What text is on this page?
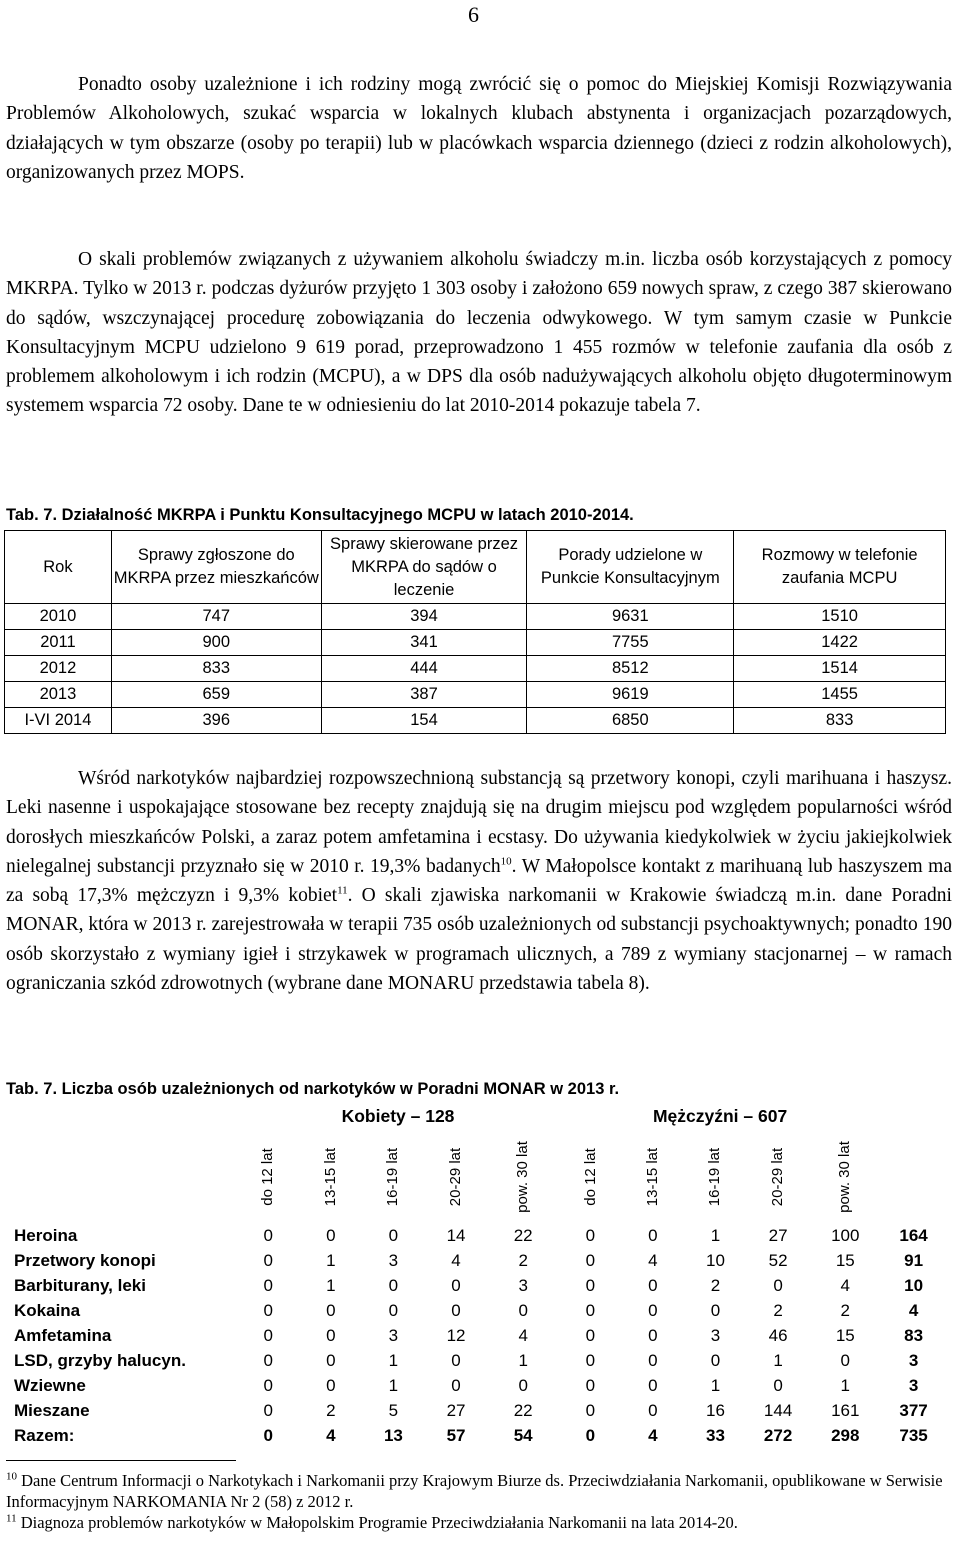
6

Ponadto osoby uzależnione i ich rodziny mogą zwrócić się o pomoc do Miejskiej Komisji Rozwiązywania Problemów Alkoholowych, szukać wsparcia w lokalnych klubach abstynenta i organizacjach pozarządowych, działających w tym obszarze (osoby po terapii) lub w placówkach wsparcia dziennego (dzieci z rodzin alkoholowych), organizowanych przez MOPS.

O skali problemów związanych z używaniem alkoholu świadczy m.in. liczba osób korzystających z pomocy MKRPA. Tylko w 2013 r. podczas dyżurów przyjęto 1 303 osoby i założono 659 nowych spraw, z czego 387 skierowano do sądów, wszczynającej procedurę zobowiązania do leczenia odwykowego. W tym samym czasie w Punkcie Konsultacyjnym MCPU udzielono 9 619 porad, przeprowadzono 1 455 rozmów w telefonie zaufania dla osób z problemem alkoholowym i ich rodzin (MCPU), a w DPS dla osób nadużywających alkoholu objęto długoterminowym systemem wsparcia 72 osoby. Dane te w odniesieniu do lat 2010-2014 pokazuje tabela 7.

Tab. 7. Działalność MKRPA i Punktu Konsultacyjnego MCPU w latach 2010-2014.
Rok	Sprawy zgłoszone do MKRPA przez mieszkańców	Sprawy skierowane przez MKRPA do sądów o leczenie	Porady udzielone w Punkcie Konsultacyjnym	Rozmowy w telefonie zaufania MCPU
2010	747	394	9631	1510
2011	900	341	7755	1422
2012	833	444	8512	1514
2013	659	387	9619	1455
I-VI 2014	396	154	6850	833

Wśród narkotyków najbardziej rozpowszechnioną substancją są przetwory konopi, czyli marihuana i haszysz. Leki nasenne i uspokajające stosowane bez recepty znajdują się na drugim miejscu pod względem popularności wśród dorosłych mieszkańców Polski, a zaraz potem amfetamina i ecstasy. Do używania kiedykolwiek w życiu jakiejkolwiek nielegalnej substancji przyznało się w 2010 r. 19,3% badanych$^{10}$. W Małopolsce kontakt z marihuaną lub haszyszem ma za sobą 17,3% mężczyzn i 9,3% kobiet$^{11}$. O skali zjawiska narkomanii w Krakowie świadczą m.in. dane Poradni MONAR, która w 2013 r. zarejestrowała w terapii 735 osób uzależnionych od substancji psychoaktywnych; ponadto 190 osób skorzystało z wymiany igieł i strzykawek w programach ulicznych, a 789 z wymiany stacjonarnej – w ramach ograniczania szkód zdrowotnych (wybrane dane MONARU przedstawia tabela 8).

Tab. 7. Liczba osób uzależnionych od narkotyków w Poradni MONAR w 2013 r.
	Kobiety – 128					Mężczyźni – 607					
	do 12 lat	13-15 lat	16-19 lat	20-29 lat	pow. 30 lat	do 12 lat	13-15 lat	16-19 lat	20-29 lat	pow. 30 lat	
Heroina	0	0	0	14	22	0	0	1	27	100	164
Przetwory konopi	0	1	3	4	2	0	4	10	52	15	91
Barbiturany, leki	0	1	0	0	3	0	0	2	0	4	10
Kokaina	0	0	0	0	0	0	0	0	2	2	4
Amfetamina	0	0	3	12	4	0	0	3	46	15	83
LSD, grzyby halucyn.	0	0	1	0	1	0	0	0	1	0	3
Wziewne	0	0	1	0	0	0	0	1	0	1	3
Mieszane	0	2	5	27	22	0	0	16	144	161	377
Razem:	0	4	13	57	54	0	4	33	272	298	735
$^{10}$ Dane Centrum Informacji o Narkotykach i Narkomanii przy Krajowym Biurze ds. Przeciwdziałania Narkomanii, opublikowane w Serwisie Informacyjnym NARKOMANIA Nr 2 (58) z 2012 r.
$^{11}$ Diagnoza problemów narkotyków w Małopolskim Programie Przeciwdziałania Narkomanii na lata 2014-20.
